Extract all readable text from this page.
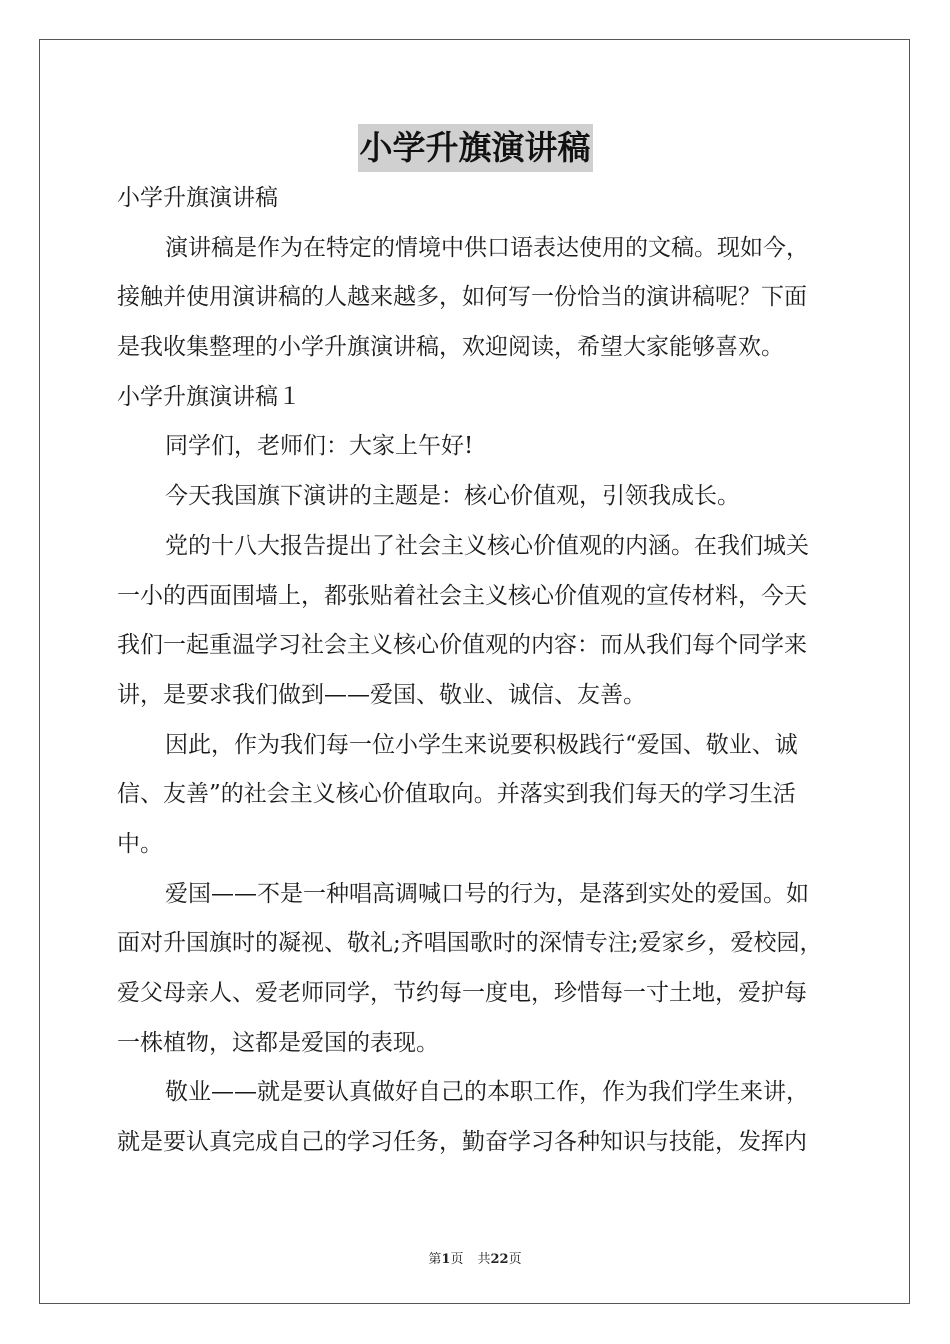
小学升旗演讲稿
小学升旗演讲稿
演讲稿是作为在特定的情境中供口语表达使用的文稿。现如今，
接触并使用演讲稿的人越来越多，如何写一份恰当的演讲稿呢？下面
是我收集整理的小学升旗演讲稿，欢迎阅读，希望大家能够喜欢。
小学升旗演讲稿１
同学们，老师们：大家上午好!
今天我国旗下演讲的主题是：核心价值观，引领我成长。
党的十八大报告提出了社会主义核心价值观的内涵。在我们城关
一小的西面围墙上，都张贴着社会主义核心价值观的宣传材料，今天
我们一起重温学习社会主义核心价值观的内容：而从我们每个同学来
讲，是要求我们做到——爱国、敬业、诚信、友善。
因此，作为我们每一位小学生来说要积极践行“爱国、敬业、诚
信、友善”的社会主义核心价值取向。并落实到我们每天的学习生活
中。
爱国——不是一种唱高调喊口号的行为，是落到实处的爱国。如
面对升国旗时的凝视、敬礼;齐唱国歌时的深情专注;爱家乡，爱校园，
爱父母亲人、爱老师同学，节约每一度电，珍惜每一寸土地，爱护每
一株植物，这都是爱国的表现。
敬业——就是要认真做好自己的本职工作，作为我们学生来讲，
就是要认真完成自己的学习任务，勤奋学习各种知识与技能，发挥内
第1页 共22页
